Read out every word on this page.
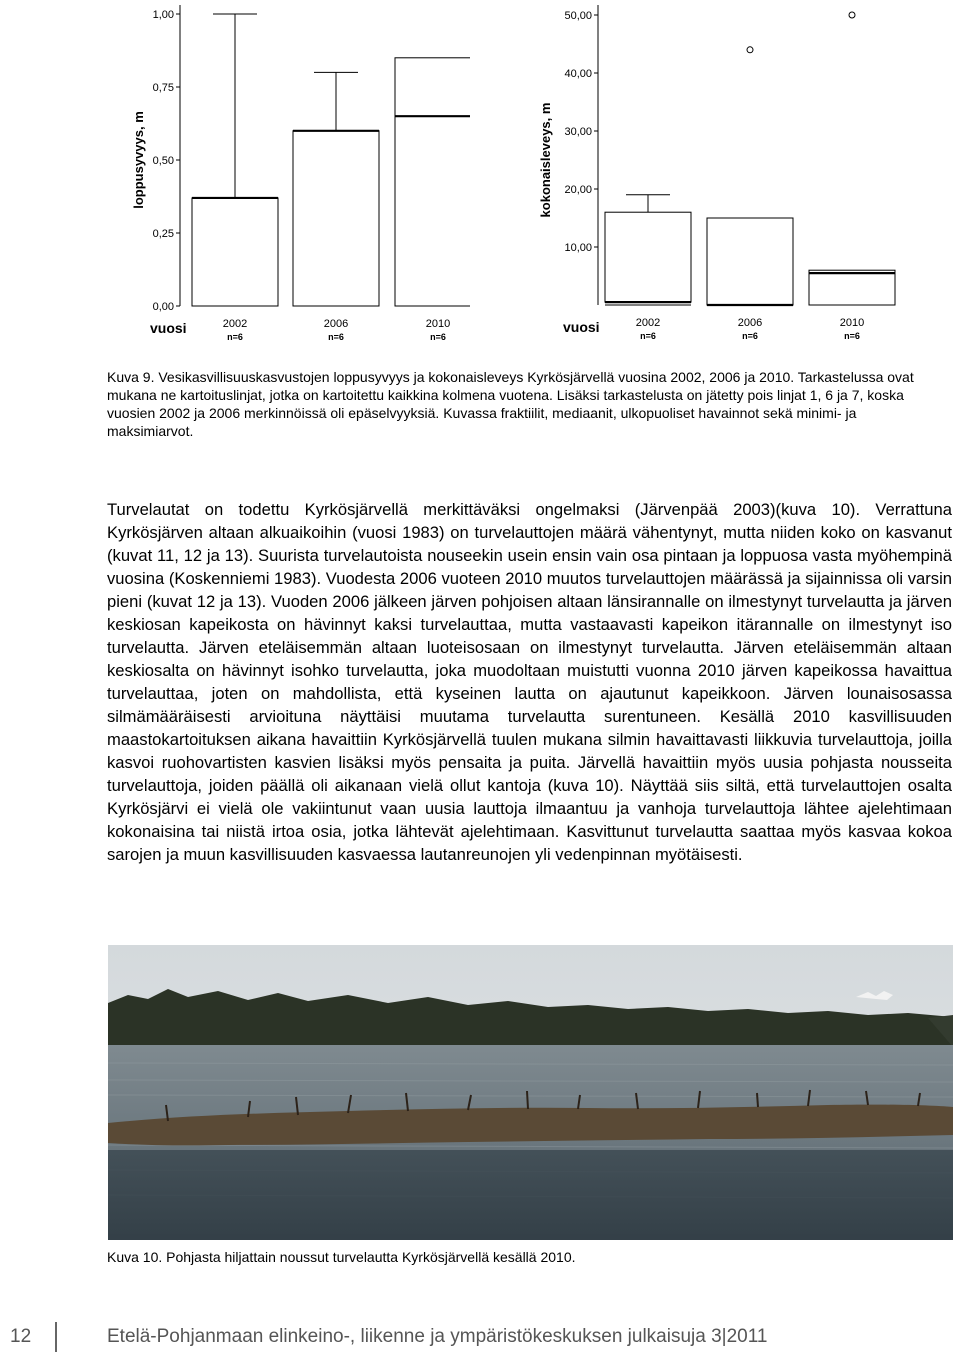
0,00
0,25
0,50
0,75
1,00
loppusyvyys, m
vuosi	2002
n=6
2006
n=6
2010
n=6
10,00
20,00
30,00
40,00
50,00
kokonaisleveys, m
vuosi	2002
n=6
2006
n=6
2010
n=6
Kuva 9. Vesikasvillisuuskasvustojen loppusyvyys ja kokonaisleveys Kyrkösjärvellä vuosina 2002, 2006 ja 2010. Tarkastelussa ovat mukana ne kartoituslinjat, jotka on kartoitettu kaikkina kolmena vuotena. Lisäksi tarkastelusta on jätetty pois linjat 1, 6 ja 7, koska vuosien 2002 ja 2006 merkinnöissä oli epäselvyyksiä. Kuvassa fraktiilit, mediaanit, ulkopuoliset havainnot sekä minimi- ja maksimiarvot.
Turvelautat on todettu Kyrkösjärvellä merkittäväksi ongelmaksi (Järvenpää 2003)(kuva 10). Verrattuna Kyrkösjärven altaan alkuaikoihin (vuosi 1983) on turvelauttojen määrä vähentynyt, mutta niiden koko on kasvanut (kuvat 11, 12 ja 13). Suurista turvelautoista nouseekin usein ensin vain osa pintaan ja loppuosa vasta myöhempinä vuosina (Koskenniemi 1983). Vuodesta 2006 vuoteen 2010 muutos turvelauttojen määrässä ja sijainnissa oli varsin pieni (kuvat 12 ja 13). Vuoden 2006 jälkeen järven pohjoisen altaan länsirannalle on ilmestynyt turvelautta ja järven keskiosan kapeikosta on hävinnyt kaksi turvelauttaa, mutta vastaavasti kapeikon itärannalle on ilmestynyt iso turvelautta. Järven eteläisemmän altaan luoteisosaan on ilmestynyt turvelautta. Järven eteläisemmän altaan keskiosalta on hävinnyt isohko turvelautta, joka muodoltaan muistutti vuonna 2010 järven kapeikossa havaittua turvelauttaa, joten on mahdollista, että kyseinen lautta on ajautunut kapeikkoon. Järven lounaisosassa silmämääräisesti arvioituna näyttäisi muutama turvelautta surentuneen. Kesällä 2010 kasvillisuuden maastokartoituksen aikana havaittiin Kyrkösjärvellä tuulen mukana silmin havaittavasti liikkuvia turvelauttoja, joilla kasvoi ruohovartisten kasvien lisäksi myös pensaita ja puita. Järvellä havaittiin myös uusia pohjasta nousseita turvelauttoja, joiden päällä oli aikanaan vielä ollut kantoja (kuva 10). Näyttää siis siltä, että turvelauttojen osalta Kyrkösjärvi ei vielä ole vakiintunut vaan uusia lauttoja ilmaantuu ja vanhoja turvelauttoja lähtee ajelehtimaan kokonaisina tai niistä irtoa osia, jotka lähtevät ajelehtimaan. Kasvittunut turvelautta saattaa myös kasvaa kokoa sarojen ja muun kasvillisuuden kasvaessa lautanreunojen yli vedenpinnan myötäisesti.
Kuva 10. Pohjasta hiljattain noussut turvelautta Kyrkösjärvellä kesällä 2010.
12	Etelä-Pohjanmaan elinkeino-, liikenne ja ympäristökeskuksen julkaisuja 3|2011
